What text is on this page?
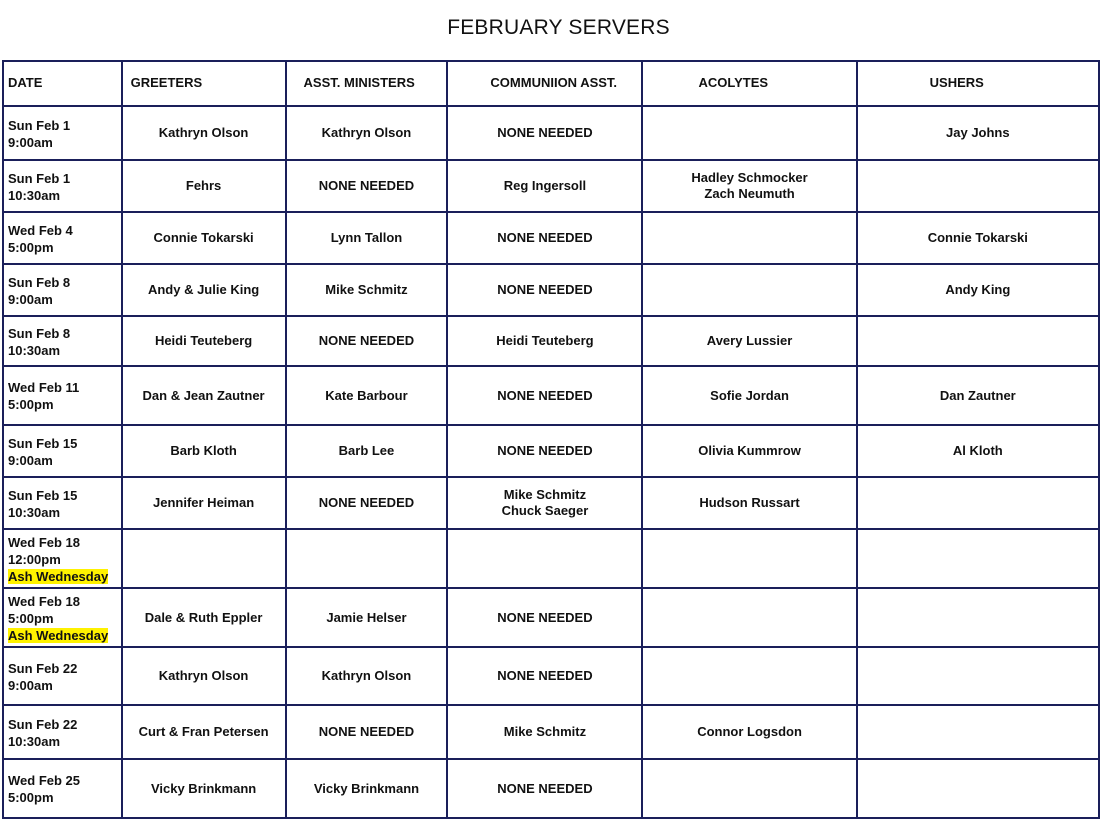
FEBRUARY SERVERS
DATE	GREETERS	ASST. MINISTERS	COMMUNIION ASST.	ACOLYTES	USHERS

Sun Feb 1
9:00am	Kathryn Olson	Kathryn Olson	NONE NEEDED		Jay Johns

Sun Feb 1
10:30am	Fehrs	NONE NEEDED	Reg Ingersoll	Hadley Schmocker
Zach Neumuth	

Wed Feb 4
5:00pm	Connie Tokarski	Lynn Tallon	NONE NEEDED		Connie Tokarski

Sun Feb 8
9:00am	Andy & Julie King	Mike Schmitz	NONE NEEDED		Andy King

Sun Feb 8
10:30am	Heidi Teuteberg	NONE NEEDED	Heidi Teuteberg	Avery Lussier	

Wed Feb 11
5:00pm	Dan & Jean Zautner	Kate Barbour	NONE NEEDED	Sofie Jordan	Dan Zautner

Sun Feb 15
9:00am	Barb Kloth	Barb Lee	NONE NEEDED	Olivia Kummrow	Al Kloth

Sun Feb 15
10:30am	Jennifer Heiman	NONE NEEDED	Mike Schmitz
Chuck Saeger	Hudson Russart	

Wed Feb 18
12:00pm
Ash Wednesday					

Wed Feb 18
5:00pm
Ash Wednesday	Dale & Ruth Eppler	Jamie Helser	NONE NEEDED		

Sun Feb 22
9:00am	Kathryn Olson	Kathryn Olson	NONE NEEDED		

Sun Feb 22
10:30am	Curt & Fran Petersen	NONE NEEDED	Mike Schmitz	Connor Logsdon	

Wed Feb 25
5:00pm	Vicky Brinkmann	Vicky Brinkmann	NONE NEEDED		
